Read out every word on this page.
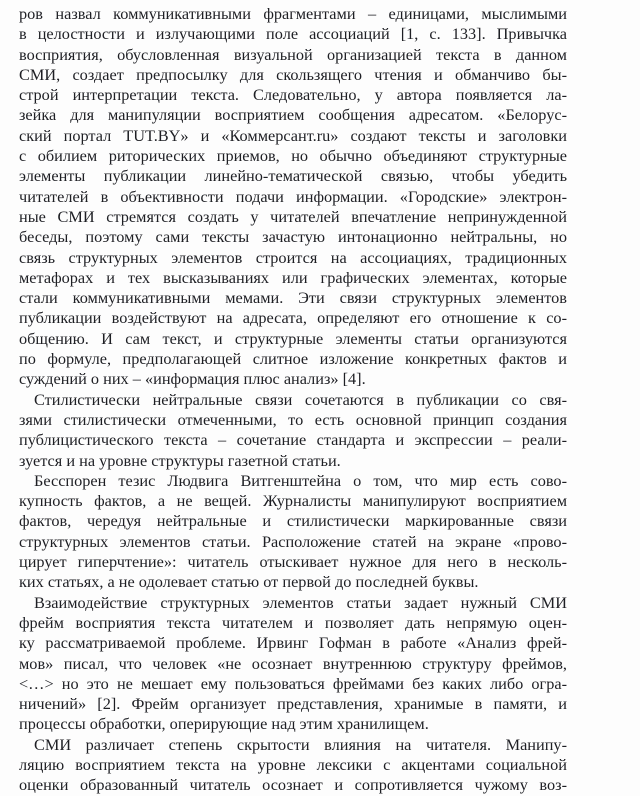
ров назвал коммуникативными фрагментами – единицами, мыслимыми
в целостности и излучающими поле ассоциаций [1, с. 133]. Привычка
восприятия, обусловленная визуальной организацией текста в данном
СМИ, создает предпосылку для скользящего чтения и обманчиво бы-
строй интерпретации текста. Следовательно, у автора появляется ла-
зейка для манипуляции восприятием сообщения адресатом. «Белорус-
ский портал TUT.BY» и «Коммерсант.ru» создают тексты и заголовки
с обилием риторических приемов, но обычно объединяют структурные
элементы публикации линейно-тематической связью, чтобы убедить
читателей в объективности подачи информации. «Городские» электрон-
ные СМИ стремятся создать у читателей впечатление непринужденной
беседы, поэтому сами тексты зачастую интонационно нейтральны, но
связь структурных элементов строится на ассоциациях, традиционных
метафорах и тех высказываниях или графических элементах, которые
стали коммуникативными мемами. Эти связи структурных элементов
публикации воздействуют на адресата, определяют его отношение к со-
общению. И сам текст, и структурные элементы статьи организуются
по формуле, предполагающей слитное изложение конкретных фактов и
суждений о них – «информация плюс анализ» [4].
Стилистически нейтральные связи сочетаются в публикации со свя-
зями стилистически отмеченными, то есть основной принцип создания
публицистического текста – сочетание стандарта и экспрессии – реали-
зуется и на уровне структуры газетной статьи.
Бесспорен тезис Людвига Витгенштейна о том, что мир есть сово-
купность фактов, а не вещей. Журналисты манипулируют восприятием
фактов, чередуя нейтральные и стилистически маркированные связи
структурных элементов статьи. Расположение статей на экране «прово-
цирует гиперчтение»: читатель отыскивает нужное для него в несколь-
ких статьях, а не одолевает статью от первой до последней буквы.
Взаимодействие структурных элементов статьи задает нужный СМИ
фрейм восприятия текста читателем и позволяет дать непрямую оцен-
ку рассматриваемой проблеме. Ирвинг Гофман в работе «Анализ фрей-
мов» писал, что человек «не осознает внутреннюю структуру фреймов,
<…> но это не мешает ему пользоваться фреймами без каких либо огра-
ничений» [2]. Фрейм организует представления, хранимые в памяти, и
процессы обработки, оперирующие над этим хранилищем.
СМИ различает степень скрытости влияния на читателя. Манипу-
ляцию восприятием текста на уровне лексики с акцентами социальной
оценки образованный читатель осознает и сопротивляется чужому воз-
